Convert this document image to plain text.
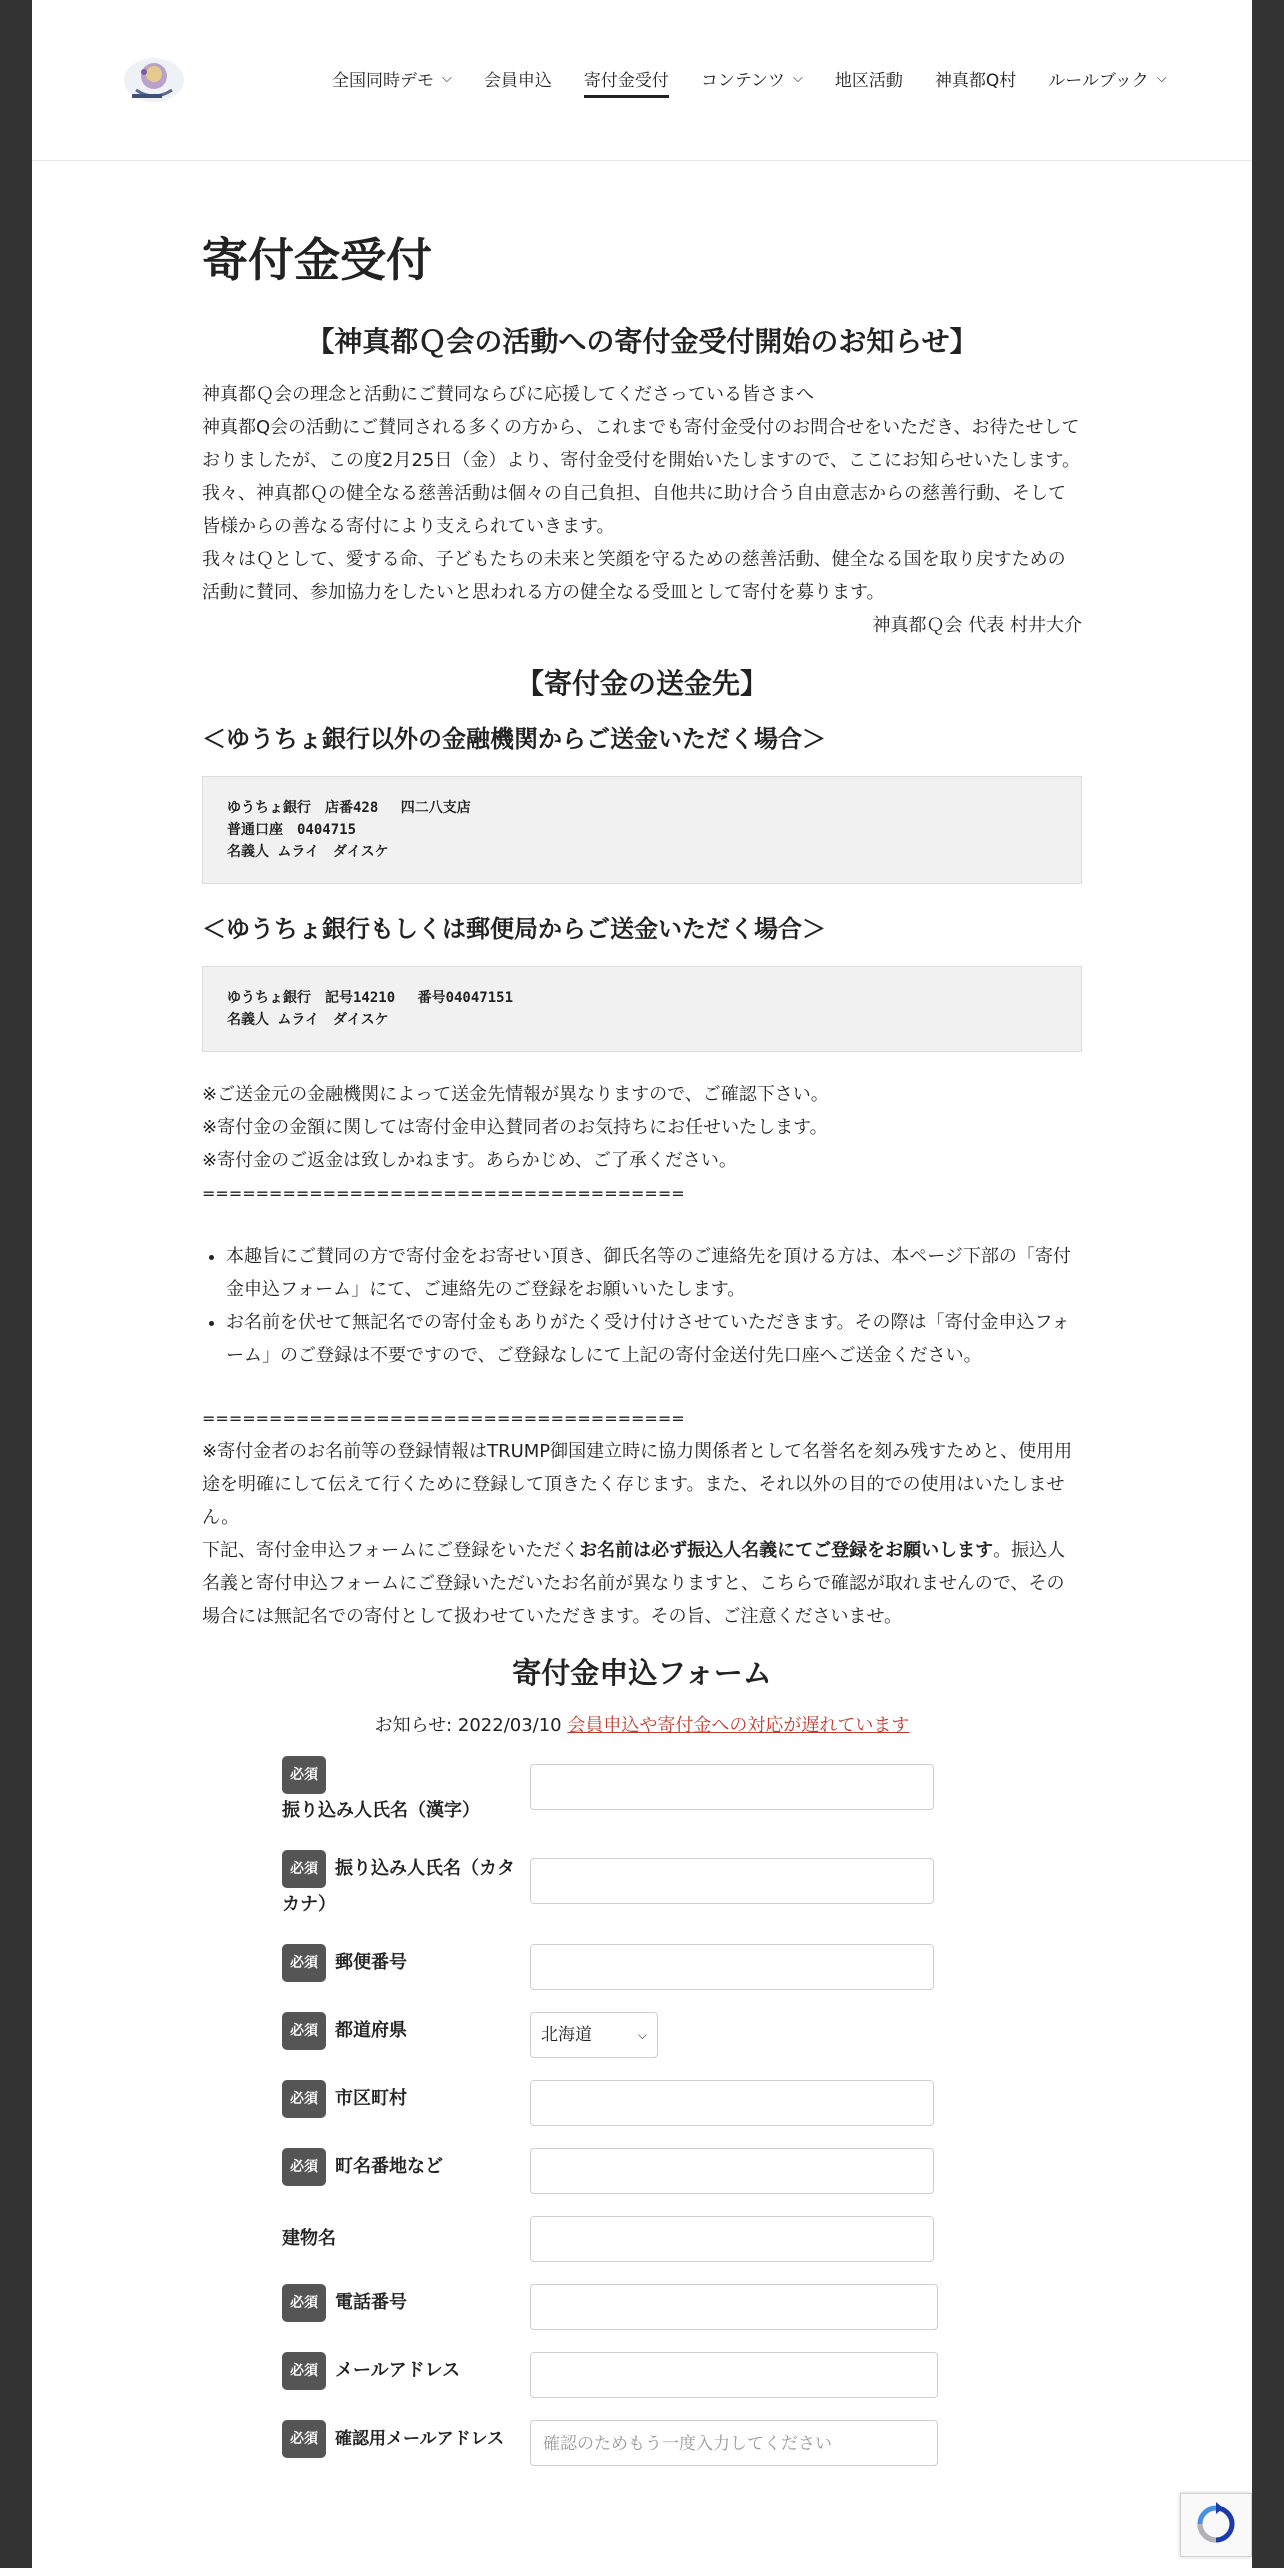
全国同時デモ ⌵ 会員申込 寄付金受付 コンテンツ ⌵ 地区活動 神真都Q村 ルールブック ⌵
寄付金受付
【神真都Ｑ会の活動への寄付金受付開始のお知らせ】

神真都Ｑ会の理念と活動にご賛同ならびに応援してくださっている皆さまへ

神真都Q会の活動にご賛同される多くの方から、これまでも寄付金受付のお問合せをいただき、お待たせしておりましたが、この度2月25日（金）より、寄付金受付を開始いたしますので、ここにお知らせいたします。

我々、神真都Ｑの健全なる慈善活動は個々の自己負担、自他共に助け合う自由意志からの慈善行動、そして皆様からの善なる寄付により支えられていきます。

我々はＱとして、愛する命、子どもたちの未来と笑顔を守るための慈善活動、健全なる国を取り戻すための活動に賛同、参加協力をしたいと思われる方の健全なる受皿として寄付を募ります。

神真都Ｑ会 代表 村井大介

【寄付金の送金先】
＜ゆうちょ銀行以外の金融機関からご送金いただく場合＞
ゆうちょ銀行　店番428　 四二八支店
普通口座　0404715
名義人 ムライ　ダイスケ
＜ゆうちょ銀行もしくは郵便局からご送金いただく場合＞
ゆうちょ銀行　記号14210　 番号04047151
名義人 ムライ　ダイスケ

※ご送金元の金融機関によって送金先情報が異なりますので、ご確認下さい。

※寄付金の金額に関しては寄付金申込賛同者のお気持ちにお任せいたします。

※寄付金のご返金は致しかねます。あらかじめ、ご了承ください。

====================================

• 本趣旨にご賛同の方で寄付金をお寄せい頂き、御氏名等のご連絡先を頂ける方は、本ページ下部の「寄付金申込フォーム」にて、ご連絡先のご登録をお願いいたします。
• お名前を伏せて無記名での寄付金もありがたく受け付けさせていただきます。その際は「寄付金申込フォーム」のご登録は不要ですので、ご登録なしにて上記の寄付金送付先口座へご送金ください。

====================================

※寄付金者のお名前等の登録情報はTRUMP御国建立時に協力関係者として名誉名を刻み残すためと、使用用途を明確にして伝えて行くために登録して頂きたく存じます。また、それ以外の目的での使用はいたしません。

下記、寄付金申込フォームにご登録をいただくお名前は必ず振込人名義にてご登録をお願いします。振込人名義と寄付申込フォームにご登録いただいたお名前が異なりますと、こちらで確認が取れませんので、その場合には無記名での寄付として扱わせていただきます。その旨、ご注意くださいませ。

寄付金申込フォーム
お知らせ: 2022/03/10 会員申込や寄付金への対応が遅れています
必須振り込み人氏名（漢字）
必須 振り込み人氏名（カタカナ）
必須 郵便番号
必須 都道府県	北海道	⌵
必須 市区町村
必須 町名番地など
建物名
必須 電話番号
必須 メールアドレス
必須 確認用メールアドレス	確認のためもう一度入力してください
